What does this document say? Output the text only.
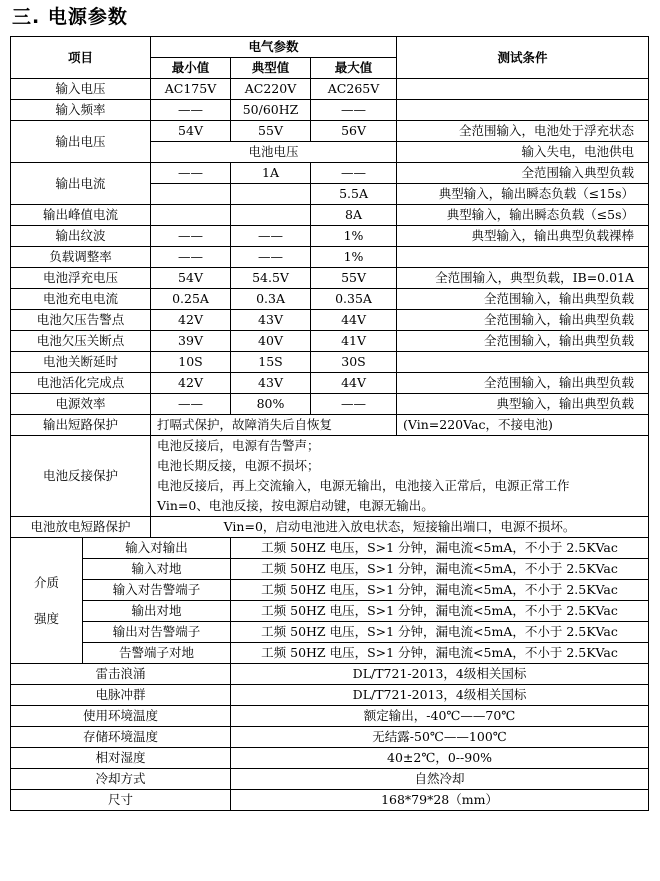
三. 电源参数
项目		电气参数			测试条件
		最小值	典型值	最大值	
输入电压		AC175V	AC220V	AC265V	
输入频率		——	50/60HZ	——	
输出电压		54V	55V	56V	全范围输入，电池处于浮充状态
		电池电压			输入失电，电池供电
输出电流		——	1A	——	全范围输入典型负载
				5.5A	典型输入，输出瞬态负载（≤15s）
输出峰值电流				8A	典型输入，输出瞬态负载（≤5s）
输出纹波		——	——	1%	典型输入，输出典型负载裸棒
负载调整率		——	——	1%	
电池浮充电压		54V	54.5V	55V	全范围输入，典型负载，IB=0.01A
电池充电电流		0.25A	0.3A	0.35A	全范围输入，输出典型负载
电池欠压告警点		42V	43V	44V	全范围输入，输出典型负载
电池欠压关断点		39V	40V	41V	全范围输入，输出典型负载
电池关断延时		10S	15S	30S	
电池活化完成点		42V	43V	44V	全范围输入，输出典型负载
电源效率		——	80%	——	典型输入，输出典型负载
输出短路保护		打嗝式保护，故障消失后自恢复			(Vin=220Vac，不接电池)
电池反接保护		电池反接后，电源有告警声；
电池长期反接，电源不损坏；
电池反接后，再上交流输入，电源无输出，电池接入正常后，电源正常工作
Vin=0、电池反接，按电源启动键，电源无输出。			

电池放电短路保护		Vin=0，启动电池进入放电状态，短接输出端口，电源不损坏。			

介质
强度	输入对输出		工频 50HZ 电压，S>1 分钟，漏电流<5mA，不小于 2.5KVac		
	输入对地		工频 50HZ 电压，S>1 分钟，漏电流<5mA，不小于 2.5KVac		
	输入对告警端子		工频 50HZ 电压，S>1 分钟，漏电流<5mA，不小于 2.5KVac		
	输出对地		工频 50HZ 电压，S>1 分钟，漏电流<5mA，不小于 2.5KVac		
	输出对告警端子		工频 50HZ 电压，S>1 分钟，漏电流<5mA，不小于 2.5KVac		
	告警端子对地		工频 50HZ 电压，S>1 分钟，漏电流<5mA，不小于 2.5KVac		
雷击浪涌			DL/T721-2013，4级相关国标		
电脉冲群			DL/T721-2013，4级相关国标		
使用环境温度			额定输出，-40℃——70℃		
存储环境温度			无结露-50℃——100℃		
相对湿度			40±2℃，0--90%		
冷却方式			自然冷却		
尺寸			168*79*28（mm）		
